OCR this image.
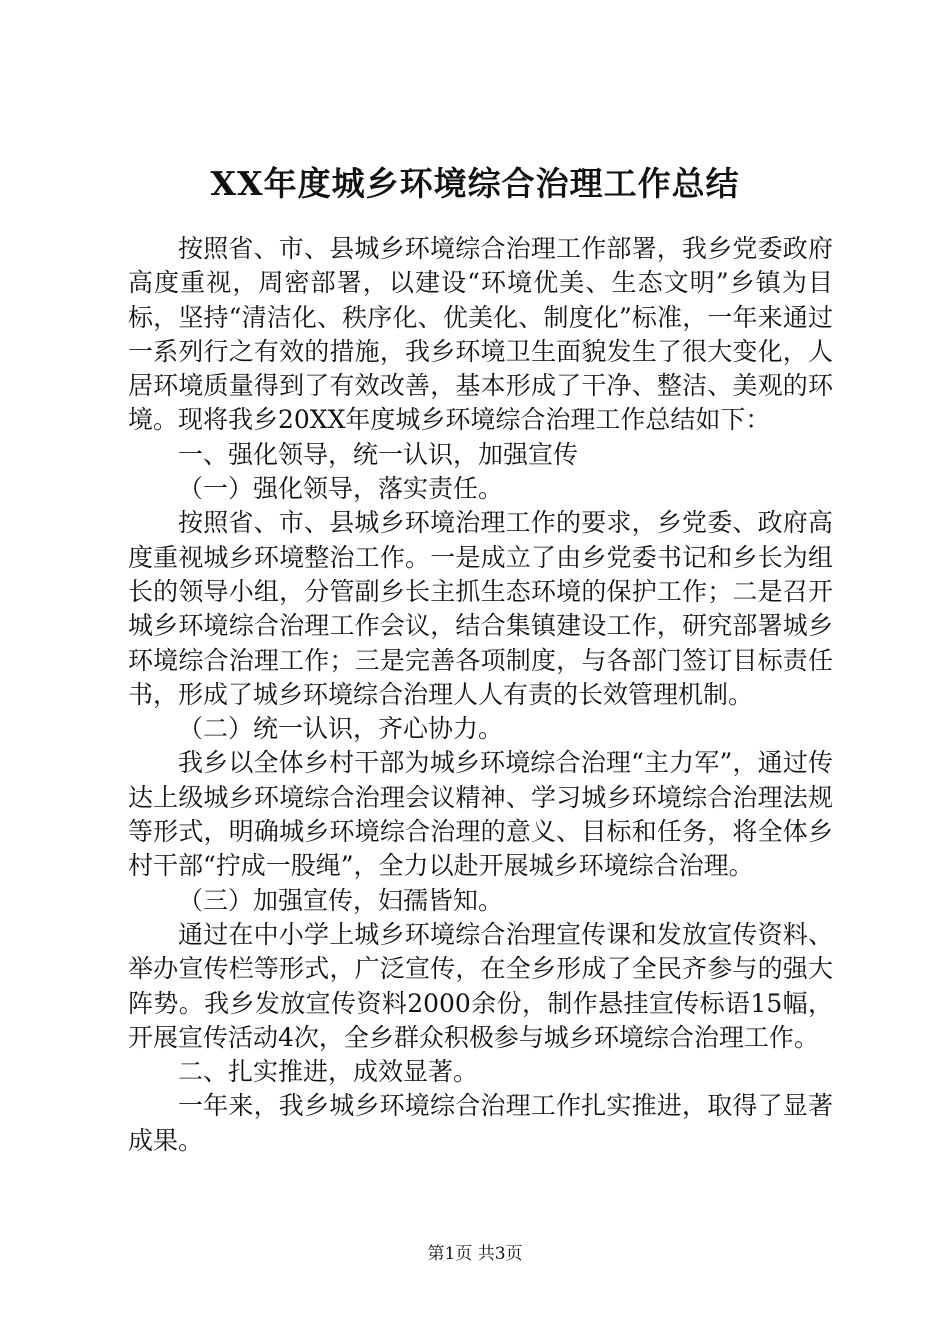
XX年度城乡环境综合治理工作总结

按照省、市、县城乡环境综合治理工作部署，我乡党委政府高度重视，周密部署，以建设“环境优美、生态文明”乡镇为目标，坚持“清洁化、秩序化、优美化、制度化”标准，一年来通过一系列行之有效的措施，我乡环境卫生面貌发生了很大变化，人居环境质量得到了有效改善，基本形成了干净、整洁、美观的环境。现将我乡20XX年度城乡环境综合治理工作总结如下：

一、强化领导，统一认识，加强宣传

（一）强化领导，落实责任。

按照省、市、县城乡环境治理工作的要求，乡党委、政府高度重视城乡环境整治工作。一是成立了由乡党委书记和乡长为组长的领导小组，分管副乡长主抓生态环境的保护工作；二是召开城乡环境综合治理工作会议，结合集镇建设工作，研究部署城乡环境综合治理工作；三是完善各项制度，与各部门签订目标责任书，形成了城乡环境综合治理人人有责的长效管理机制。

（二）统一认识，齐心协力。

我乡以全体乡村干部为城乡环境综合治理“主力军”，通过传达上级城乡环境综合治理会议精神、学习城乡环境综合治理法规等形式，明确城乡环境综合治理的意义、目标和任务，将全体乡村干部“拧成一股绳”，全力以赴开展城乡环境综合治理。

（三）加强宣传，妇孺皆知。

通过在中小学上城乡环境综合治理宣传课和发放宣传资料、举办宣传栏等形式，广泛宣传，在全乡形成了全民齐参与的强大阵势。我乡发放宣传资料2000余份，制作悬挂宣传标语15幅，开展宣传活动4次，全乡群众积极参与城乡环境综合治理工作。

二、扎实推进，成效显著。

一年来，我乡城乡环境综合治理工作扎实推进，取得了显著成果。

第1页 共3页
